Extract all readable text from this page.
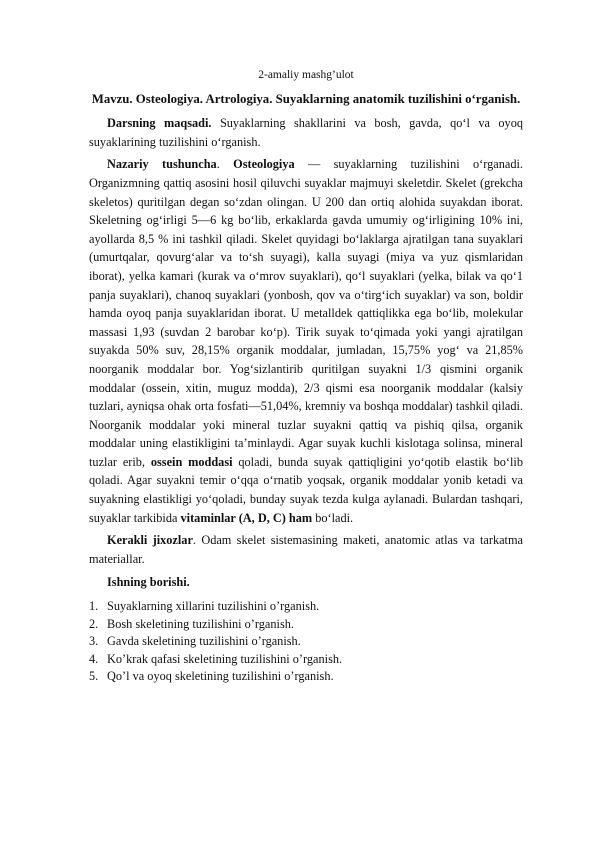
2-amaliy mashg’ulot
Mavzu. Osteologiya. Artrologiya. Suyaklarning anatomik tuzilishini o‘rganish.

Darsning maqsadi. Suyaklarning shakllarini va bosh, gavda, qo‘l va oyoq suyaklarining tuzilishini o‘rganish.

Nazariy tushuncha. Osteologiya — suyaklarning tuzilishini o‘rganadi. Organizmning qattiq asosini hosil qiluvchi suyaklar majmuyi skeletdir. Skelet (grekcha skeletos) quritilgan degan so‘zdan olingan. U 200 dan ortiq alohida suyakdan iborat. Skeletning og‘irligi 5—6 kg bo‘lib, erkaklarda gavda umumiy og‘irligining 10% ini, ayollarda 8,5 % ini tashkil qiladi. Skelet quyidagi bo‘laklarga ajratilgan tana suyaklari (umurtqalar, qovurg‘alar va to‘sh suyagi), kalla suyagi (miya va yuz qismlaridan iborat), yelka kamari (kurak va o‘mrov suyaklari), qo‘l suyaklari (yelka, bilak va qo‘1 panja suyaklari), chanoq suyaklari (yonbosh, qov va o‘tirg‘ich suyaklar) va son, boldir hamda oyoq panja suyaklaridan iborat. U metalldek qattiqlikka ega bo‘lib, molekular massasi 1,93 (suvdan 2 barobar ko‘p). Tirik suyak to‘qimada yoki yangi ajratilgan suyakda 50% suv, 28,15% organik moddalar, jumladan, 15,75% yog‘ va 21,85% noorganik moddalar bor. Yog‘sizlantirib quritilgan suyakni 1/3 qismini organik moddalar (ossein, xitin, muguz modda), 2/3 qismi esa noorganik moddalar (kalsiy tuzlari, ayniqsa ohak orta fosfati—51,04%, kremniy va boshqa moddalar) tashkil qiladi. Noorganik moddalar yoki mineral tuzlar suyakni qattiq va pishiq qilsa, organik moddalar uning elastikligini ta’minlaydi. Agar suyak kuchli kislotaga solinsa, mineral tuzlar erib, ossein moddasi qoladi, bunda suyak qattiqligini yo‘qotib elastik bo‘lib qoladi. Agar suyakni temir o‘qqa o‘rnatib yoqsak, organik moddalar yonib ketadi va suyakning elastikligi yo‘qoladi, bunday suyak tezda kulga aylanadi. Bulardan tashqari, suyaklar tarkibida vitaminlar (A, D, C) ham bo‘ladi.

Kerakli jixozlar. Odam skelet sistemasining maketi, anatomic atlas va tarkatma materiallar.

Ishning borishi.

1. Suyaklarning xillarini tuzilishini o’rganish.
2. Bosh skeletining tuzilishini o’rganish.
3. Gavda skeletining tuzilishini o’rganish.
4. Ko’krak qafasi skeletining tuzilishini o’rganish.
5. Qo’l va oyoq skeletining tuzilishini o’rganish.
